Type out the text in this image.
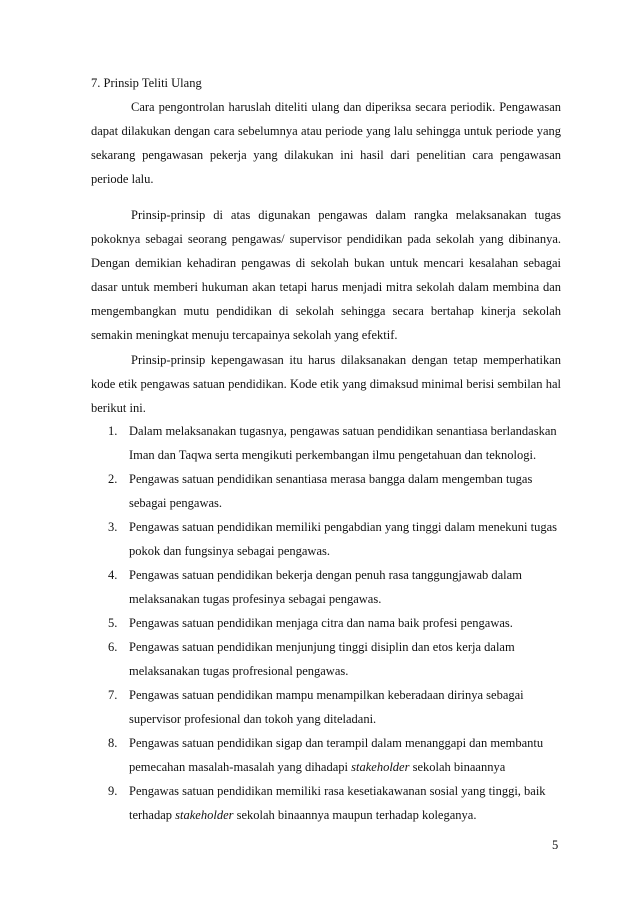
7. Prinsip Teliti Ulang
Cara pengontrolan haruslah diteliti ulang dan diperiksa secara periodik. Pengawasan dapat dilakukan dengan cara sebelumnya atau periode yang lalu sehingga untuk periode yang sekarang pengawasan pekerja yang dilakukan ini hasil dari penelitian cara pengawasan periode lalu.
Prinsip-prinsip di atas digunakan pengawas dalam rangka melaksanakan tugas pokoknya sebagai seorang pengawas/ supervisor pendidikan pada sekolah yang dibinanya. Dengan demikian kehadiran pengawas di sekolah bukan untuk mencari kesalahan sebagai dasar untuk memberi hukuman akan tetapi harus menjadi mitra sekolah dalam membina dan mengembangkan mutu pendidikan di sekolah sehingga secara bertahap kinerja sekolah semakin meningkat menuju tercapainya sekolah yang efektif.
Prinsip-prinsip kepengawasan itu harus dilaksanakan dengan tetap memperhatikan kode etik pengawas satuan pendidikan. Kode etik yang dimaksud minimal berisi sembilan hal berikut ini.
1. Dalam melaksanakan tugasnya, pengawas satuan pendidikan senantiasa berlandaskan Iman dan Taqwa serta mengikuti perkembangan ilmu pengetahuan dan teknologi.
2. Pengawas satuan pendidikan senantiasa merasa bangga dalam mengemban tugas sebagai pengawas.
3. Pengawas satuan pendidikan memiliki pengabdian yang tinggi dalam menekuni tugas pokok dan fungsinya sebagai pengawas.
4. Pengawas satuan pendidikan bekerja dengan penuh rasa tanggungjawab dalam melaksanakan tugas profesinya sebagai pengawas.
5. Pengawas satuan pendidikan menjaga citra dan nama baik profesi pengawas.
6. Pengawas satuan pendidikan menjunjung tinggi disiplin dan etos kerja dalam melaksanakan tugas profresional pengawas.
7. Pengawas satuan pendidikan mampu menampilkan keberadaan dirinya sebagai supervisor profesional dan tokoh yang diteladani.
8. Pengawas satuan pendidikan sigap dan terampil dalam menanggapi dan membantu pemecahan masalah-masalah yang dihadapi stakeholder sekolah binaannya
9. Pengawas satuan pendidikan memiliki rasa kesetiakawanan sosial yang tinggi, baik terhadap stakeholder sekolah binaannya maupun terhadap koleganya.
5
